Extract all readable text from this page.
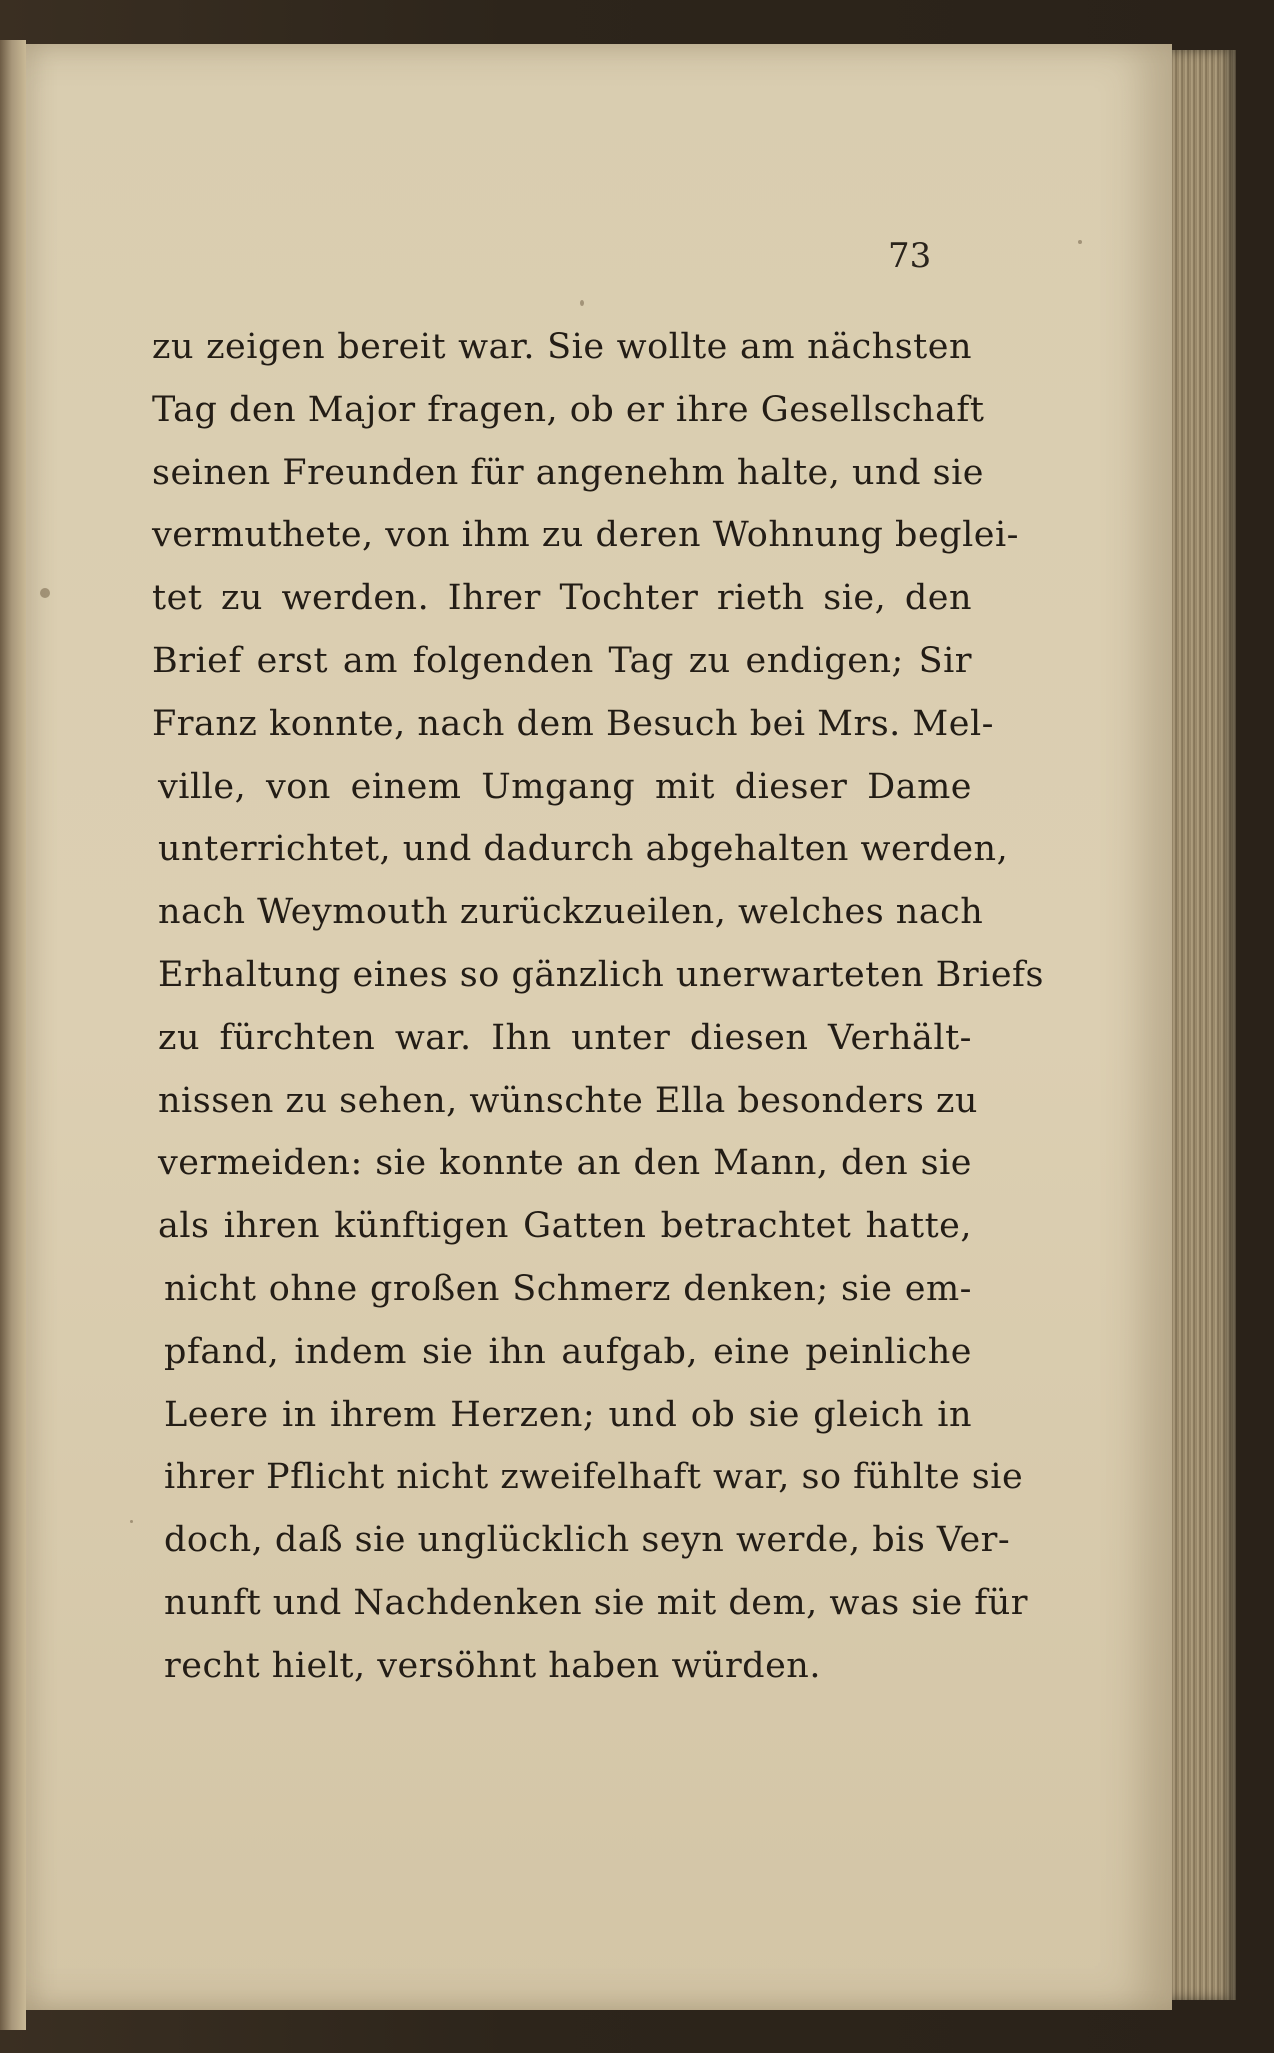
73
zu zeigen bereit war. Sie wollte am nächsten
Tag den Major fragen, ob er ihre Gesellschaft
seinen Freunden für angenehm halte, und sie
vermuthete, von ihm zu deren Wohnung beglei-
tet zu werden. Ihrer Tochter rieth sie, den
Brief erst am folgenden Tag zu endigen; Sir
Franz konnte, nach dem Besuch bei Mrs. Mel-
ville, von einem Umgang mit dieser Dame
unterrichtet, und dadurch abgehalten werden,
nach Weymouth zurückzueilen, welches nach
Erhaltung eines so gänzlich unerwarteten Briefs
zu fürchten war. Ihn unter diesen Verhält-
nissen zu sehen, wünschte Ella besonders zu
vermeiden: sie konnte an den Mann, den sie
als ihren künftigen Gatten betrachtet hatte,
nicht ohne großen Schmerz denken; sie em-
pfand, indem sie ihn aufgab, eine peinliche
Leere in ihrem Herzen; und ob sie gleich in
ihrer Pflicht nicht zweifelhaft war, so fühlte sie
doch, daß sie unglücklich seyn werde, bis Ver-
nunft und Nachdenken sie mit dem, was sie für
recht hielt, versöhnt haben würden.
